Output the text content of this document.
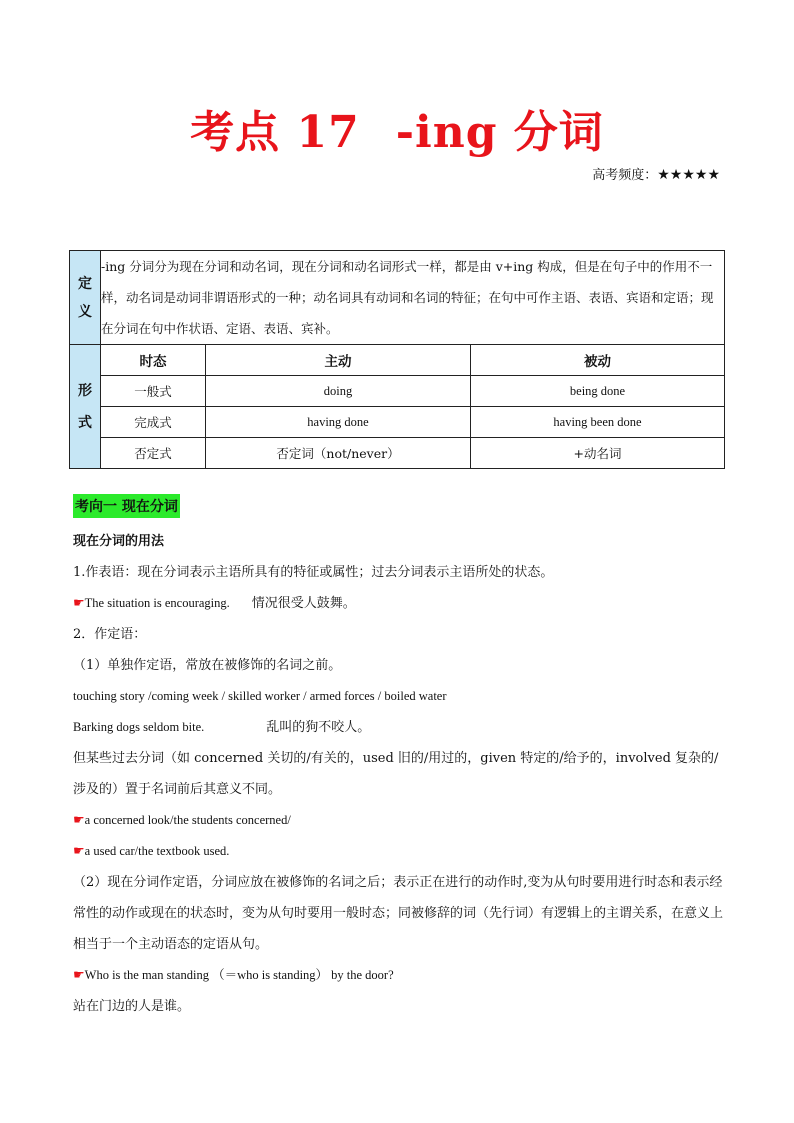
考点 17 -ing 分词
高考频度：★★★★★
定
义	-ing 分词分为现在分词和动名词，现在分词和动名词形式一样，都是由 v+ing 构成，但是在句子中的作用不一样，动名词是动词非谓语形式的一种；动名词具有动词和名词的特征；在句中可作主语、表语、宾语和定语；现在分词在句中作状语、定语、表语、宾补。		
形
式	时态	主动	被动
	一般式	doing	being done
	完成式	having done	having been done
	否定式	否定词（not/never）	+动名词
考向一 现在分词

现在分词的用法

1.作表语：现在分词表示主语所具有的特征或属性；过去分词表示主语所处的状态。

☛The situation is encouraging. 情况很受人鼓舞。

2．作定语：

（1）单独作定语，常放在被修饰的名词之前。

touching story /coming week / skilled worker / armed forces / boiled water

Barking dogs seldom bite.	乱叫的狗不咬人。

但某些过去分词（如 concerned 关切的/有关的，used 旧的/用过的，given 特定的/给予的，involved 复杂的/涉及的）置于名词前后其意义不同。

☛a concerned look/the students concerned/

☛a used car/the textbook used.

（2）现在分词作定语，分词应放在被修饰的名词之后；表示正在进行的动作时,变为从句时要用进行时态和表示经常性的动作或现在的状态时，变为从句时要用一般时态；同被修辞的词（先行词）有逻辑上的主谓关系，在意义上相当于一个主动语态的定语从句。

☛Who is the man standing （＝who is standing） by the door?

站在门边的人是谁。
